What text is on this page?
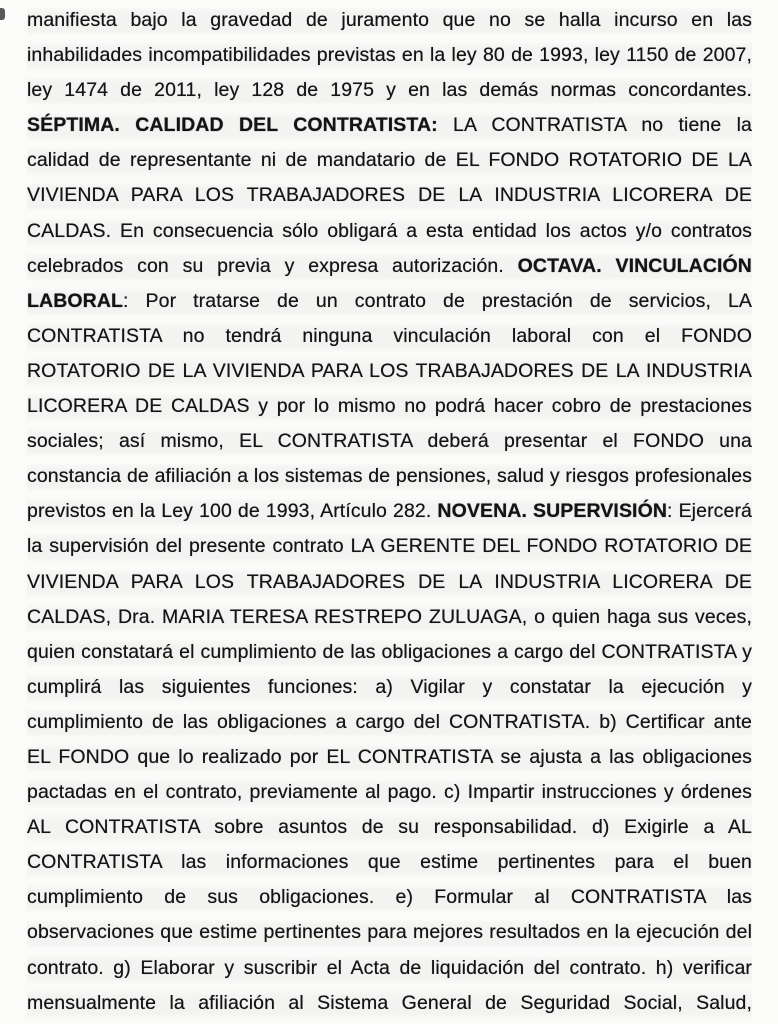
manifiesta bajo la gravedad de juramento que no se halla incurso en las
inhabilidades incompatibilidades previstas en la ley 80 de 1993, ley 1150 de 2007,
ley 1474 de 2011, ley 128 de 1975 y en las demás normas concordantes.
SÉPTIMA. CALIDAD DEL CONTRATISTA: LA CONTRATISTA no tiene la
calidad de representante ni de mandatario de EL FONDO ROTATORIO DE LA
VIVIENDA PARA LOS TRABAJADORES DE LA INDUSTRIA LICORERA DE
CALDAS. En consecuencia sólo obligará a esta entidad los actos y/o contratos
celebrados con su previa y expresa autorización. OCTAVA. VINCULACIÓN
LABORAL: Por tratarse de un contrato de prestación de servicios, LA
CONTRATISTA no tendrá ninguna vinculación laboral con el FONDO
ROTATORIO DE LA VIVIENDA PARA LOS TRABAJADORES DE LA INDUSTRIA
LICORERA DE CALDAS y por lo mismo no podrá hacer cobro de prestaciones
sociales; así mismo, EL CONTRATISTA deberá presentar el FONDO una
constancia de afiliación a los sistemas de pensiones, salud y riesgos profesionales
previstos en la Ley 100 de 1993, Artículo 282. NOVENA. SUPERVISIÓN: Ejercerá
la supervisión del presente contrato LA GERENTE DEL FONDO ROTATORIO DE
VIVIENDA PARA LOS TRABAJADORES DE LA INDUSTRIA LICORERA DE
CALDAS, Dra. MARIA TERESA RESTREPO ZULUAGA, o quien haga sus veces,
quien constatará el cumplimiento de las obligaciones a cargo del CONTRATISTA y
cumplirá las siguientes funciones: a) Vigilar y constatar la ejecución y
cumplimiento de las obligaciones a cargo del CONTRATISTA. b) Certificar ante
EL FONDO que lo realizado por EL CONTRATISTA se ajusta a las obligaciones
pactadas en el contrato, previamente al pago. c) Impartir instrucciones y órdenes
AL CONTRATISTA sobre asuntos de su responsabilidad. d) Exigirle a AL
CONTRATISTA las informaciones que estime pertinentes para el buen
cumplimiento de sus obligaciones. e) Formular al CONTRATISTA las
observaciones que estime pertinentes para mejores resultados en la ejecución del
contrato. g) Elaborar y suscribir el Acta de liquidación del contrato. h) verificar
mensualmente la afiliación al Sistema General de Seguridad Social, Salud,
